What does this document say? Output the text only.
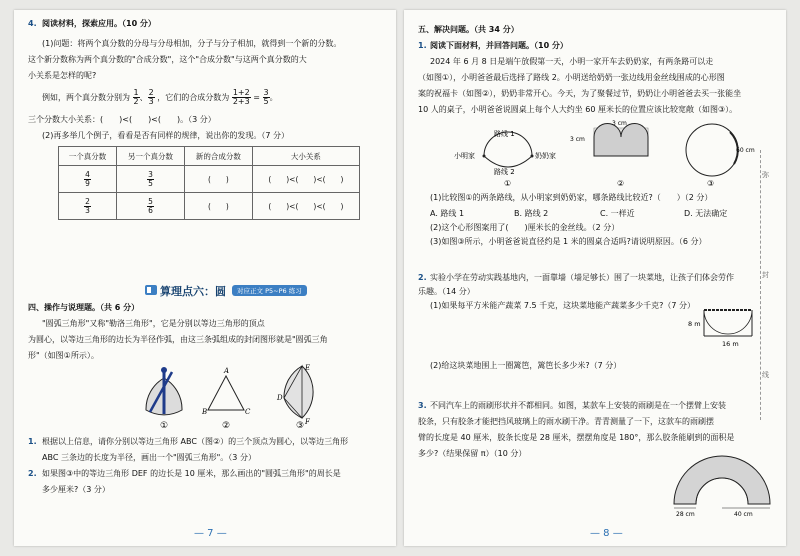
4. 阅读材料，探索应用。（10 分）
(1)问题：将两个真分数的分母与分母相加，分子与分子相加，就得到一个新的分数。
这个新分数称为两个真分数的"合成分数"，这个"合成分数"与这两个真分数的大
小关系是怎样的呢?
例如，两个真分数分别为 $\frac{1}{2}$ 、 $\frac{2}{3}$ ，它们的合成分数为 $\frac{1+2}{2+3} = \frac{3}{5}$ 。
三个分数大小关系：(　　)<(　　)<(　　)。（3 分）
(2)再多举几个例子，看看是否有同样的规律，说出你的发现。（7 分）
一个真分数	另一个真分数	新的合成分数	大小关系

$\frac{4}{9}$	$\frac{3}{5}$	(　　)	(　　)<(　　)<(　　)

$\frac{2}{3}$	$\frac{5}{6}$	(　　)	(　　)<(　　)<(　　)
算理点六：圆	对应正文 P5~P6 练习
四、操作与说理题。（共 6 分）
"圆弧三角形"又称"勒洛三角形"，它是分别以等边三角形的顶点
为圆心，以等边三角形的边长为半径作弧，由这三条弧组成的封闭图形就是"圆弧三角
形"（如图①所示）。
①	②	③
A
B	C
D
E
F
1. 根据以上信息，请你分别以等边三角形 ABC（图②）的三个顶点为圆心，以等边三角形
ABC 三条边的长度为半径，画出一个"圆弧三角形"。（3 分）
2. 如果图③中的等边三角形 DEF 的边长是 10 厘米，那么画出的"圆弧三角形"的周长是
多少厘米?（3 分）
— 7 —
五、解决问题。（共 34 分）
1. 阅读下面材料，并回答问题。（10 分）
2024 年 6 月 8 日是端午放假第一天，小明一家开车去奶奶家，有两条路可以走
（如图①），小明爸爸最后选择了路线 2。小明送给奶奶一张边线用金丝线围成的心形图
案的祝福卡（如图②），奶奶非常开心。今天，为了聚餐过节，奶奶让小明爸爸去买一张能坐
10 人的桌子，小明爸爸说圆桌上每个人大约坐 60 厘米长的位置应该比较宽敞（如图③）。
路线 1
路线 2
小明家	奶奶家
①
3 cm
3 cm
②
60 cm
③
(1)比较图①的两条路线，从小明家到奶奶家，哪条路线比较近?（　　）（2 分）
A. 路线 1	B. 路线 2	C. 一样近	D. 无法确定
(2)这个心形图案用了(　　)厘米长的金丝线。（2 分）
(3)如图③所示，小明爸爸说直径约是 1 米的圆桌合适吗?请说明原因。（6 分）
2. 实验小学在劳动实践基地内，一面靠墙（墙足够长）围了一块菜地，让孩子们体会劳作
乐趣。（14 分）
(1)如果每平方米能产蔬菜 7.5 千克，这块菜地能产蔬菜多少千克?（7 分）
8 m
16 m
(2)给这块菜地围上一圈篱笆，篱笆长多少米?（7 分）
3. 不同汽车上的雨刷形状并不都相同。如图，某款车上安装的雨刷是在一个摆臂上安装
胶条，只有胶条才能把挡风玻璃上的雨水刷干净。青青测量了一下，这款车的雨刷摆
臂的长度是 40 厘米，胶条长度是 28 厘米，摆摆角度是 180°，那么胶条能刷到的面积是
多少?（结果保留 π）（10 分）
28 cm	40 cm
— 8 —
弥
封
线
